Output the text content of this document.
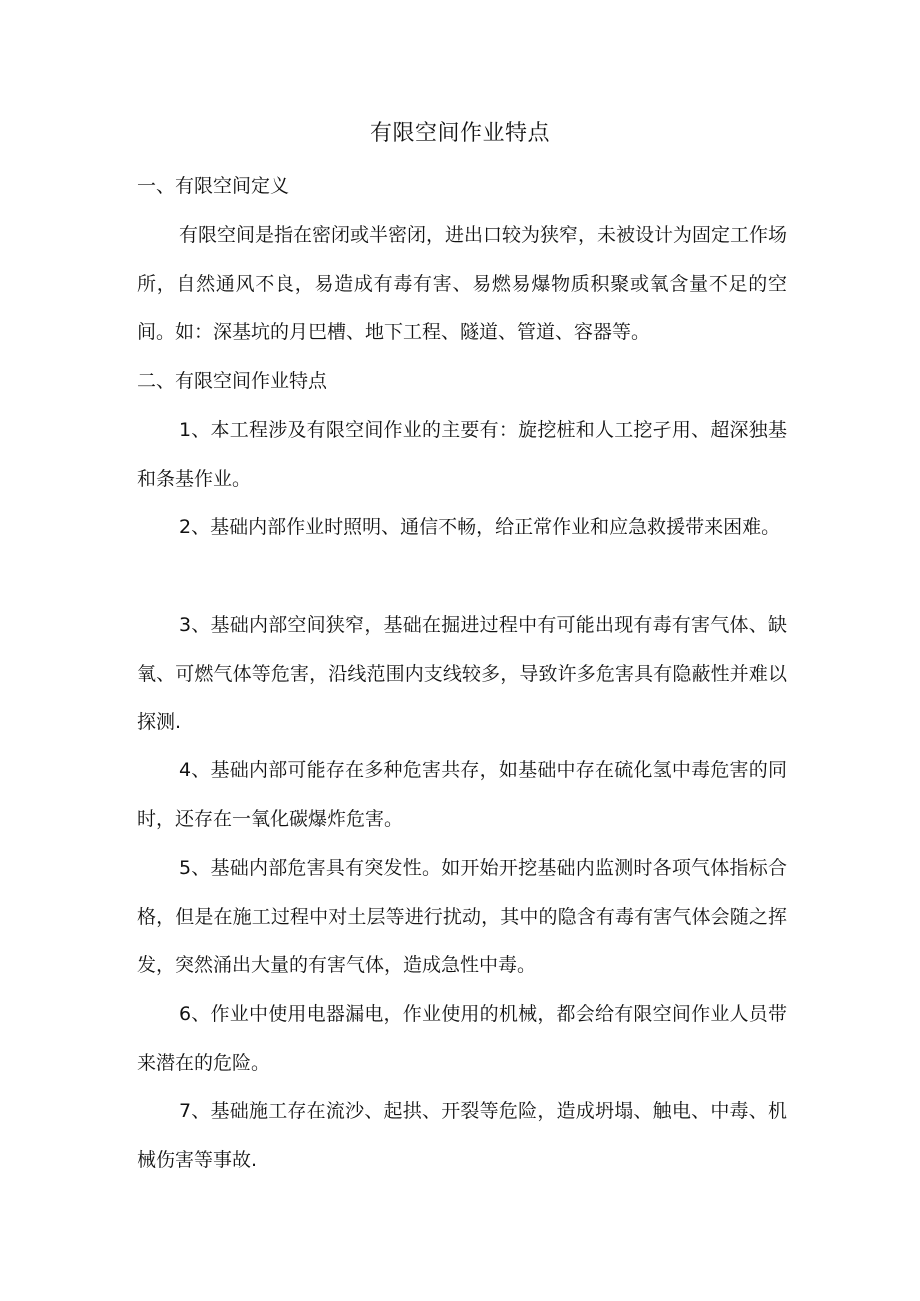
有限空间作业特点
一、有限空间定义
有限空间是指在密闭或半密闭，进出口较为狭窄，未被设计为固定工作场所，自然通风不良，易造成有毒有害、易燃易爆物质积聚或氧含量不足的空间。如：深基坑的月巴槽、地下工程、隧道、管道、容器等。
二、有限空间作业特点
1、本工程涉及有限空间作业的主要有：旋挖桩和人工挖孑用、超深独基和条基作业。
2、基础内部作业时照明、通信不畅，给正常作业和应急救援带来困难。
3、基础内部空间狭窄，基础在掘进过程中有可能出现有毒有害气体、缺氧、可燃气体等危害，沿线范围内支线较多，导致许多危害具有隐蔽性并难以探测.
4、基础内部可能存在多种危害共存，如基础中存在硫化氢中毒危害的同时，还存在一氧化碳爆炸危害。
5、基础内部危害具有突发性。如开始开挖基础内监测时各项气体指标合格，但是在施工过程中对土层等进行扰动，其中的隐含有毒有害气体会随之挥发，突然涌出大量的有害气体，造成急性中毒。
6、作业中使用电器漏电，作业使用的机械，都会给有限空间作业人员带来潜在的危险。
7、基础施工存在流沙、起拱、开裂等危险，造成坍塌、触电、中毒、机械伤害等事故.
